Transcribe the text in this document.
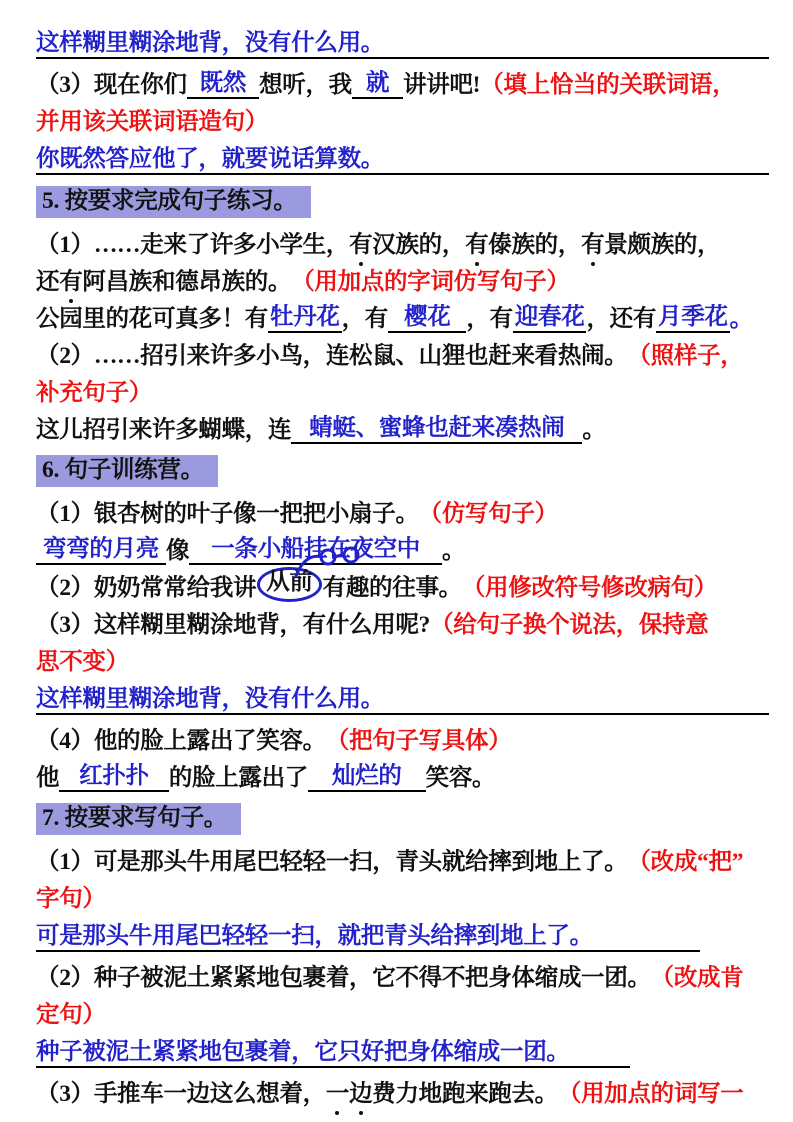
这样糊里糊涂地背，没有什么用。
（3）现在你们 既然 想听，我 就 讲讲吧! （填上恰当的关联词语，
并用该关联词语造句）
你既然答应他了，就要说话算数。
5. 按要求完成句子练习。
（1）……走来了许多小学生， 有 汉族的， 有 傣族的， 有 景颇族的，
还 有 阿昌族和德昂族的。 （用加点的字词仿写句子）
公园里的花可真多！有 牡丹花 ，有 樱花 ，有 迎春花 ，还有 月季花 。
（2）……招引来许多小鸟，连松鼠、山狸也赶来看热闹。 （照样子，
补充句子）
这儿招引来许多蝴蝶，连 蜻蜓、蜜蜂也赶来凑热闹 。
6. 句子训练营。
（1）银杏树的叶子像一把把小扇子。 （仿写句子）
弯弯的月亮 像 一条小船挂在夜空中 。
（2）奶奶常常给我讲 从前 有趣的往事。 （用修改符号修改病句）
（3）这样糊里糊涂地背，有什么用呢? （给句子换个说法，保持意
思不变）
这样糊里糊涂地背，没有什么用。
（4）他的脸上露出了笑容。 （把句子写具体）
他 红扑扑 的脸上露出了	灿烂的	笑容。
7. 按要求写句子。
（1）可是那头牛用尾巴轻轻一扫，青头就给摔到地上了。 （改成“把”
字句）
可是那头牛用尾巴轻轻一扫，就把青头给摔到地上了。
（2）种子被泥土紧紧地包裹着，它不得不把身体缩成一团。 （改成肯
定句）
种子被泥土紧紧地包裹着，它只好把身体缩成一团。
（3）手推车一边这么想着， 一边 费力地跑来跑去。 （用加点的词写一
